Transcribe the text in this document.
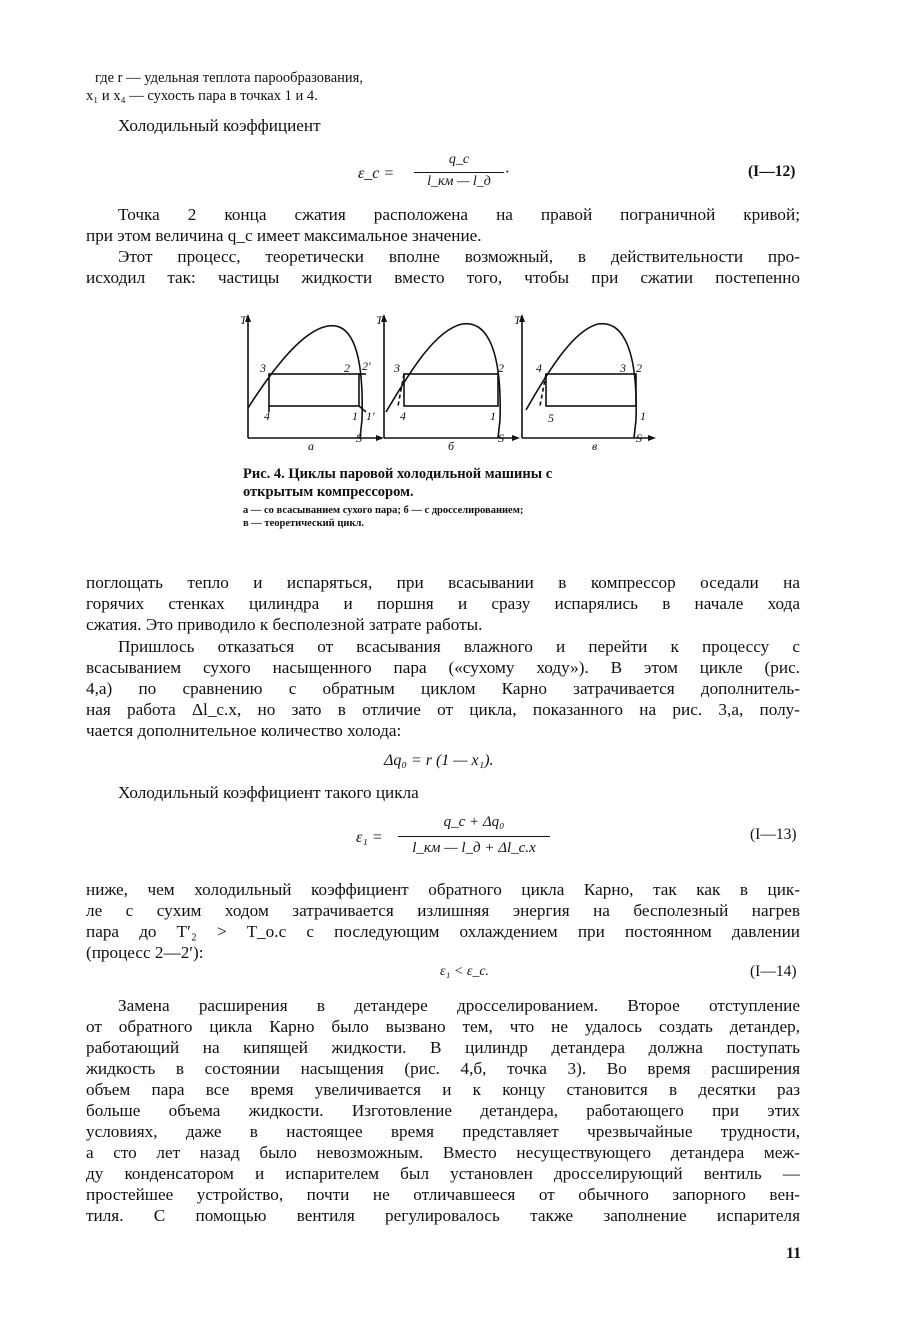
где r — удельная теплота парообразования,
x₁ и x₄ — сухость пара в точках 1 и 4.
Холодильный коэффициент
ε_c =
q_c
l_км — l_д
·	(I—12)
Точка 2 конца сжатия расположена на правой пограничной кривой;
при этом величина q_c имеет максимальное значение.
Этот процесс, теоретически вполне возможный, в действительности про-
исходил так: частицы жидкости вместо того, чтобы при сжатии постепенно
3	2 2′
4	1 1′
T
S
а
3	2
4	1
T
S
б
4	3 2
5	1
T
S
в
Рис. 4. Циклы паровой холодильной машины с
открытым компрессором.
а — со всасыванием сухого пара; б — с дросселированием;
в — теоретический цикл.
поглощать тепло и испаряться, при всасывании в компрессор оседали на
горячих стенках цилиндра и поршня и сразу испарялись в начале хода
сжатия. Это приводило к бесполезной затрате работы.
Пришлось отказаться от всасывания влажного и перейти к процессу с
всасыванием сухого насыщенного пара («сухому ходу»). В этом цикле (рис.
4,а) по сравнению с обратным циклом Карно затрачивается дополнитель-
ная работа Δl_с.х, но зато в отличие от цикла, показанного на рис. 3,а, полу-
чается дополнительное количество холода:
Δq₀ = r (1 — x₁).
Холодильный коэффициент такого цикла
ε₁ =
q_c + Δq₀
l_км — l_д + Δl_с.х
(I—13)
ниже, чем холодильный коэффициент обратного цикла Карно, так как в цик-
ле с сухим ходом затрачивается излишняя энергия на бесполезный нагрев
пара до T′₂ > T_о.с с последующим охлаждением при постоянном давлении
(процесс 2—2′):
ε₁ < ε_c.	(I—14)
Замена расширения в детандере дросселированием. Второе отступление
от обратного цикла Карно было вызвано тем, что не удалось создать детандер,
работающий на кипящей жидкости. В цилиндр детандера должна поступать
жидкость в состоянии насыщения (рис. 4,б, точка 3). Во время расширения
объем пара все время увеличивается и к концу становится в десятки раз
больше объема жидкости. Изготовление детандера, работающего при этих
условиях, даже в настоящее время представляет чрезвычайные трудности,
а сто лет назад было невозможным. Вместо несуществующего детандера меж-
ду конденсатором и испарителем был установлен дросселирующий вентиль —
простейшее устройство, почти не отличавшееся от обычного запорного вен-
тиля. С помощью вентиля регулировалось также заполнение испарителя
11
